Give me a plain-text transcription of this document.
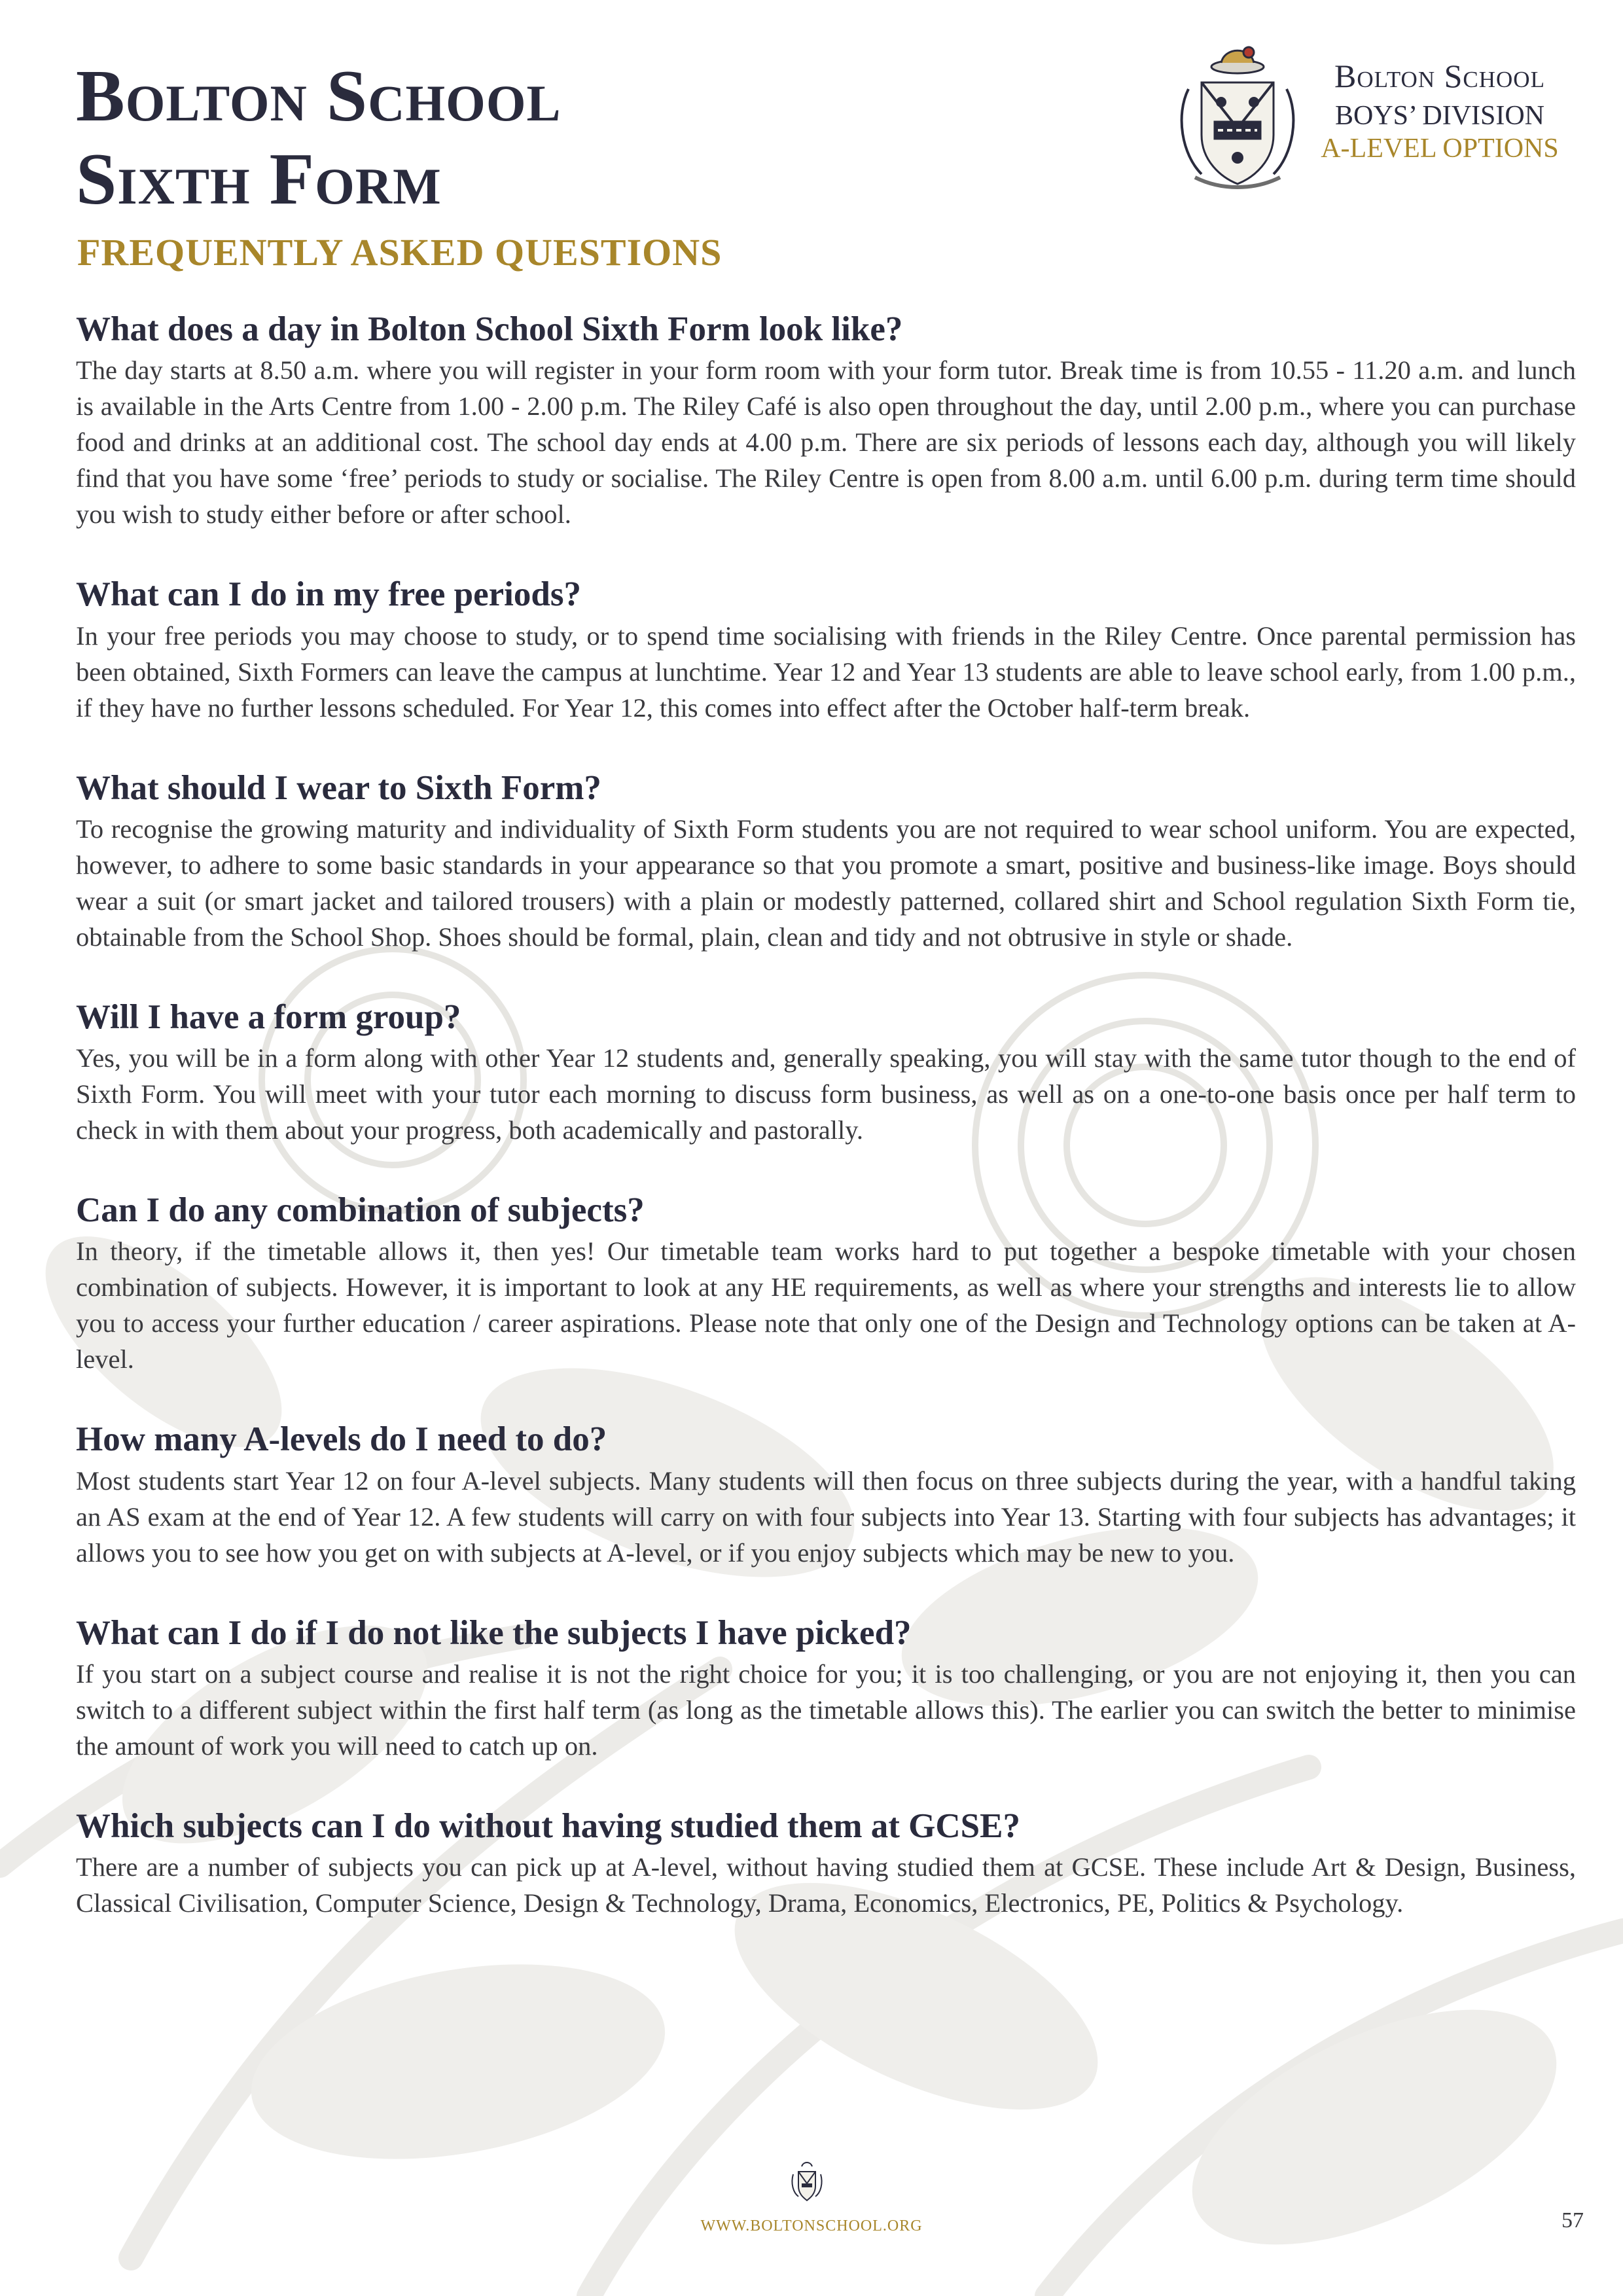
Bolton School
Sixth Form
FREQUENTLY ASKED QUESTIONS
Bolton School
BOYS’ DIVISION
A-LEVEL OPTIONS
What does a day in Bolton School Sixth Form look like?

The day starts at 8.50 a.m. where you will register in your form room with your form tutor. Break time is from 10.55 - 11.20 a.m. and lunch is available in the Arts Centre from 1.00 - 2.00 p.m. The Riley Café is also open throughout the day, until 2.00 p.m., where you can purchase food and drinks at an additional cost. The school day ends at 4.00 p.m. There are six periods of lessons each day, although you will likely find that you have some ‘free’ periods to study or socialise. The Riley Centre is open from 8.00 a.m. until 6.00 p.m. during term time should you wish to study either before or after school.

What can I do in my free periods?

In your free periods you may choose to study, or to spend time socialising with friends in the Riley Centre. Once parental permission has been obtained, Sixth Formers can leave the campus at lunchtime. Year 12 and Year 13 students are able to leave school early, from 1.00 p.m., if they have no further lessons scheduled. For Year 12, this comes into effect after the October half-term break.

What should I wear to Sixth Form?

To recognise the growing maturity and individuality of Sixth Form students you are not required to wear school uniform. You are expected, however, to adhere to some basic standards in your appearance so that you promote a smart, positive and business-like image. Boys should wear a suit (or smart jacket and tailored trousers) with a plain or modestly patterned, collared shirt and School regulation Sixth Form tie, obtainable from the School Shop. Shoes should be formal, plain, clean and tidy and not obtrusive in style or shade.

Will I have a form group?

Yes, you will be in a form along with other Year 12 students and, generally speaking, you will stay with the same tutor though to the end of Sixth Form. You will meet with your tutor each morning to discuss form business, as well as on a one-to-one basis once per half term to check in with them about your progress, both academically and pastorally.

Can I do any combination of subjects?

In theory, if the timetable allows it, then yes! Our timetable team works hard to put together a bespoke timetable with your chosen combination of subjects. However, it is important to look at any HE requirements, as well as where your strengths and interests lie to allow you to access your further education / career aspirations. Please note that only one of the Design and Technology options can be taken at A-level.

How many A-levels do I need to do?

Most students start Year 12 on four A-level subjects. Many students will then focus on three subjects during the year, with a handful taking an AS exam at the end of Year 12. A few students will carry on with four subjects into Year 13. Starting with four subjects has advantages; it allows you to see how you get on with subjects at A-level, or if you enjoy subjects which may be new to you.

What can I do if I do not like the subjects I have picked?

If you start on a subject course and realise it is not the right choice for you; it is too challenging, or you are not enjoying it, then you can switch to a different subject within the first half term (as long as the timetable allows this). The earlier you can switch the better to minimise the amount of work you will need to catch up on.

Which subjects can I do without having studied them at GCSE?

There are a number of subjects you can pick up at A-level, without having studied them at GCSE. These include Art & Design, Business, Classical Civilisation, Computer Science, Design & Technology, Drama, Economics, Electronics, PE, Politics & Psychology.

WWW.BOLTONSCHOOL.ORG	57
